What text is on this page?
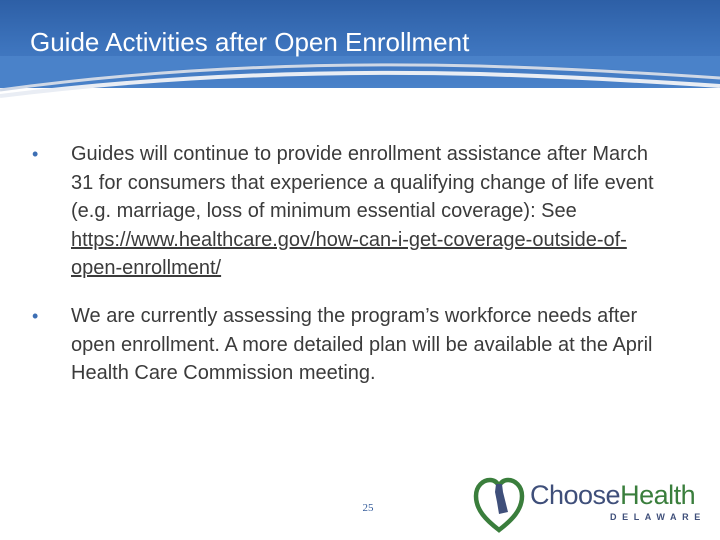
Guide Activities after Open Enrollment
• Guides will continue to provide enrollment assistance after March 31 for consumers that experience a qualifying change of life event (e.g. marriage, loss of minimum essential coverage): See https://www.healthcare.gov/how-can-i-get-coverage-outside-of-open-enrollment/
• We are currently assessing the program’s workforce needs after open enrollment. A more detailed plan will be available at the April Health Care Commission meeting.
25	ChooseHealth
DELAWARE
